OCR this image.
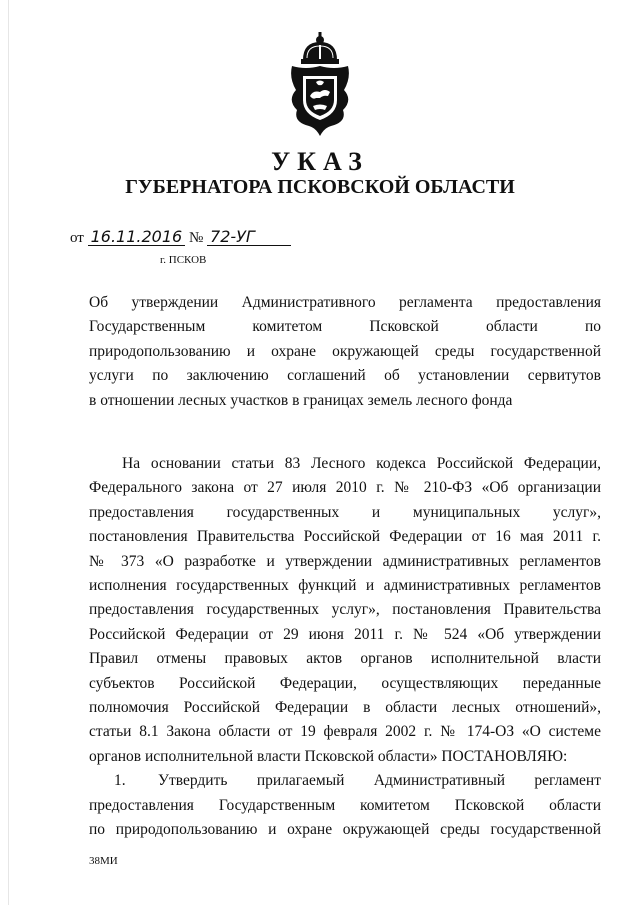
УКАЗ
ГУБЕРНАТОРА ПСКОВСКОЙ ОБЛАСТИ
от 16.11.2016 № 72-УГ
г. ПСКОВ
Об утверждении Административного регламента предоставления
Государственным комитетом Псковской области по
природопользованию и охране окружающей среды государственной
услуги по заключению соглашений об установлении сервитутов
в отношении лесных участков в границах земель лесного фонда
На основании статьи 83 Лесного кодекса Российской Федерации,
Федерального закона от 27 июля 2010 г. № 210-ФЗ «Об организации
предоставления государственных и муниципальных услуг»,
постановления Правительства Российской Федерации от 16 мая 2011 г.
№ 373 «О разработке и утверждении административных регламентов
исполнения государственных функций и административных регламентов
предоставления государственных услуг», постановления Правительства
Российской Федерации от 29 июня 2011 г. № 524 «Об утверждении
Правил отмены правовых актов органов исполнительной власти
субъектов Российской Федерации, осуществляющих переданные
полномочия Российской Федерации в области лесных отношений»,
статьи 8.1 Закона области от 19 февраля 2002 г. № 174-ОЗ «О системе
органов исполнительной власти Псковской области» ПОСТАНОВЛЯЮ:
1. Утвердить прилагаемый Административный регламент
предоставления Государственным комитетом Псковской области
по природопользованию и охране окружающей среды государственной
38МИ
